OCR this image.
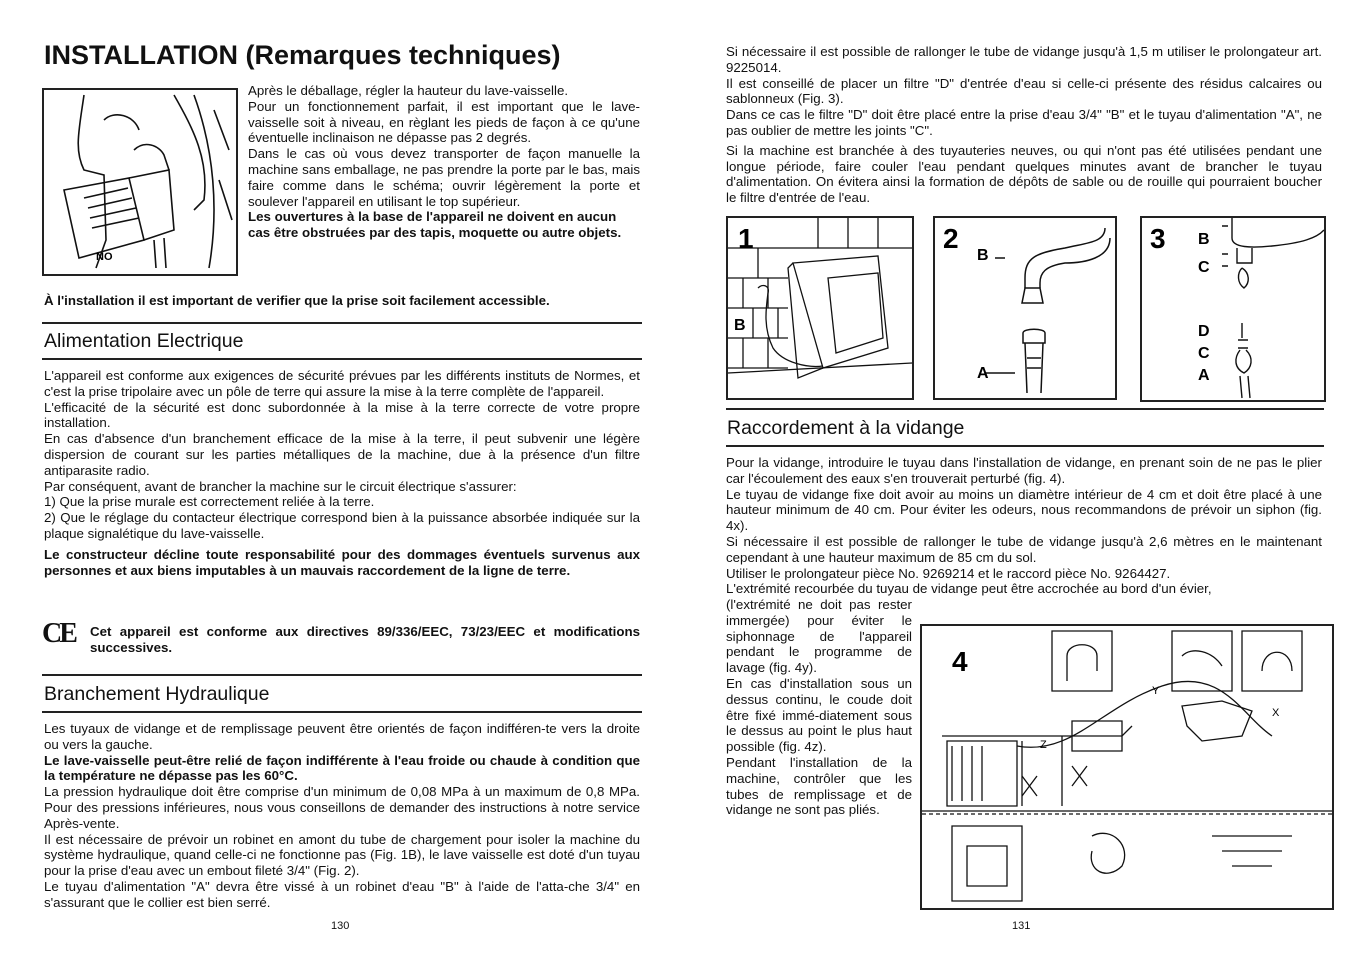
INSTALLATION (Remarques techniques)
NO

Après le déballage, régler la hauteur du lave-vaisselle.

Pour un fonctionnement parfait, il est important que le lave-vaisselle soit à niveau, en règlant les pieds de façon à ce qu'une éventuelle inclinaison ne dépasse pas 2 degrés.

Dans le cas où vous devez transporter de façon manuelle la machine sans emballage, ne pas prendre la porte par le bas, mais faire comme dans le schéma; ouvrir légèrement la porte et soulever l'appareil en utilisant le top supérieur.

Les ouvertures à la base de l'appareil ne doivent en aucun cas être obstruées par des tapis, moquette ou autre objets.

À l'installation il est important de verifier que la prise soit facilement accessible.

Alimentation Electrique

L'appareil est conforme aux exigences de sécurité prévues par les différents instituts de Normes, et c'est la prise tripolaire avec un pôle de terre qui assure la mise à la terre complète de l'appareil.

L'efficacité de la sécurité est donc subordonnée à la mise à la terre correcte de votre propre installation.

En cas d'absence d'un branchement efficace de la mise à la terre, il peut subvenir une légère dispersion de courant sur les parties métalliques de la machine, due à la présence d'un filtre antiparasite radio.

Par conséquent, avant de brancher la machine sur le circuit électrique s'assurer:

1) Que la prise murale est correctement reliée à la terre.

2) Que le réglage du contacteur électrique correspond bien à la puissance absorbée indiquée sur la plaque signalétique du lave-vaisselle.

Le constructeur décline toute responsabilité pour des dommages éventuels survenus aux personnes et aux biens imputables à un mauvais raccordement de la ligne de terre.

CE Cet appareil est conforme aux directives 89/336/EEC, 73/23/EEC et modifications successives.

Branchement Hydraulique

Les tuyaux de vidange et de remplissage peuvent être orientés de façon indifféren-te vers la droite ou vers la gauche.

Le lave-vaisselle peut-être relié de façon indifférente à l'eau froide ou chaude à condition que la température ne dépasse pas les 60°C.

La pression hydraulique doit être comprise d'un minimum de 0,08 MPa à un maximum de 0,8 MPa. Pour des pressions inférieures, nous vous conseillons de demander des instructions à notre service Après-vente.

Il est nécessaire de prévoir un robinet en amont du tube de chargement pour isoler la machine du système hydraulique, quand celle-ci ne fonctionne pas (Fig. 1B), le lave vaisselle est doté d'un tuyau pour la prise d'eau avec un embout fileté 3/4" (Fig. 2).

Le tuyau d'alimentation "A" devra être vissé à un robinet d'eau "B" à l'aide de l'atta-che 3/4" en s'assurant que le collier est bien serré.

130

Si nécessaire il est possible de rallonger le tube de vidange jusqu'à 1,5 m utiliser le prolongateur art. 9225014.

Il est conseillé de placer un filtre "D" d'entrée d'eau si celle-ci présente des résidus calcaires ou sablonneux (Fig. 3).

Dans ce cas le filtre "D" doit être placé entre la prise d'eau 3/4" "B" et le tuyau d'alimentation "A", ne pas oublier de mettre les joints "C".

Si la machine est branchée à des tuyauteries neuves, ou qui n'ont pas été utilisées pendant une longue période, faire couler l'eau pendant quelques minutes avant de brancher le tuyau d'alimentation. On évitera ainsi la formation de dépôts de sable ou de rouille qui pourraient boucher le filtre d'entrée de l'eau.

1
B
2
B
A
3 B
C
D
C
A
Raccordement à la vidange

Pour la vidange, introduire le tuyau dans l'installation de vidange, en prenant soin de ne pas le plier car l'écoulement des eaux s'en trouverait perturbé (fig. 4).

Le tuyau de vidange fixe doit avoir au moins un diamètre intérieur de 4 cm et doit être placé à une hauteur minimum de 40 cm. Pour éviter les odeurs, nous recommandons de prévoir un siphon (fig. 4x).

Si nécessaire il est possible de rallonger le tube de vidange jusqu'à 2,6 mètres en le maintenant cependant à une hauteur maximum de 85 cm du sol.

Utiliser le prolongateur pièce No. 9269214 et le raccord pièce No. 9264427.

L'extrémité recourbée du tuyau de vidange peut être accrochée au bord d'un évier,

(l'extrémité ne doit pas rester immergée) pour éviter le siphonnage de l'appareil pendant le programme de lavage (fig. 4y).

En cas d'installation sous un dessus continu, le coude doit être fixé immé-diatement sous le dessus au point le plus haut possible (fig. 4z).

Pendant l'installation de la machine, contrôler que les tubes de remplissage et de vidange ne sont pas pliés.

4
Y
Z
X
131
